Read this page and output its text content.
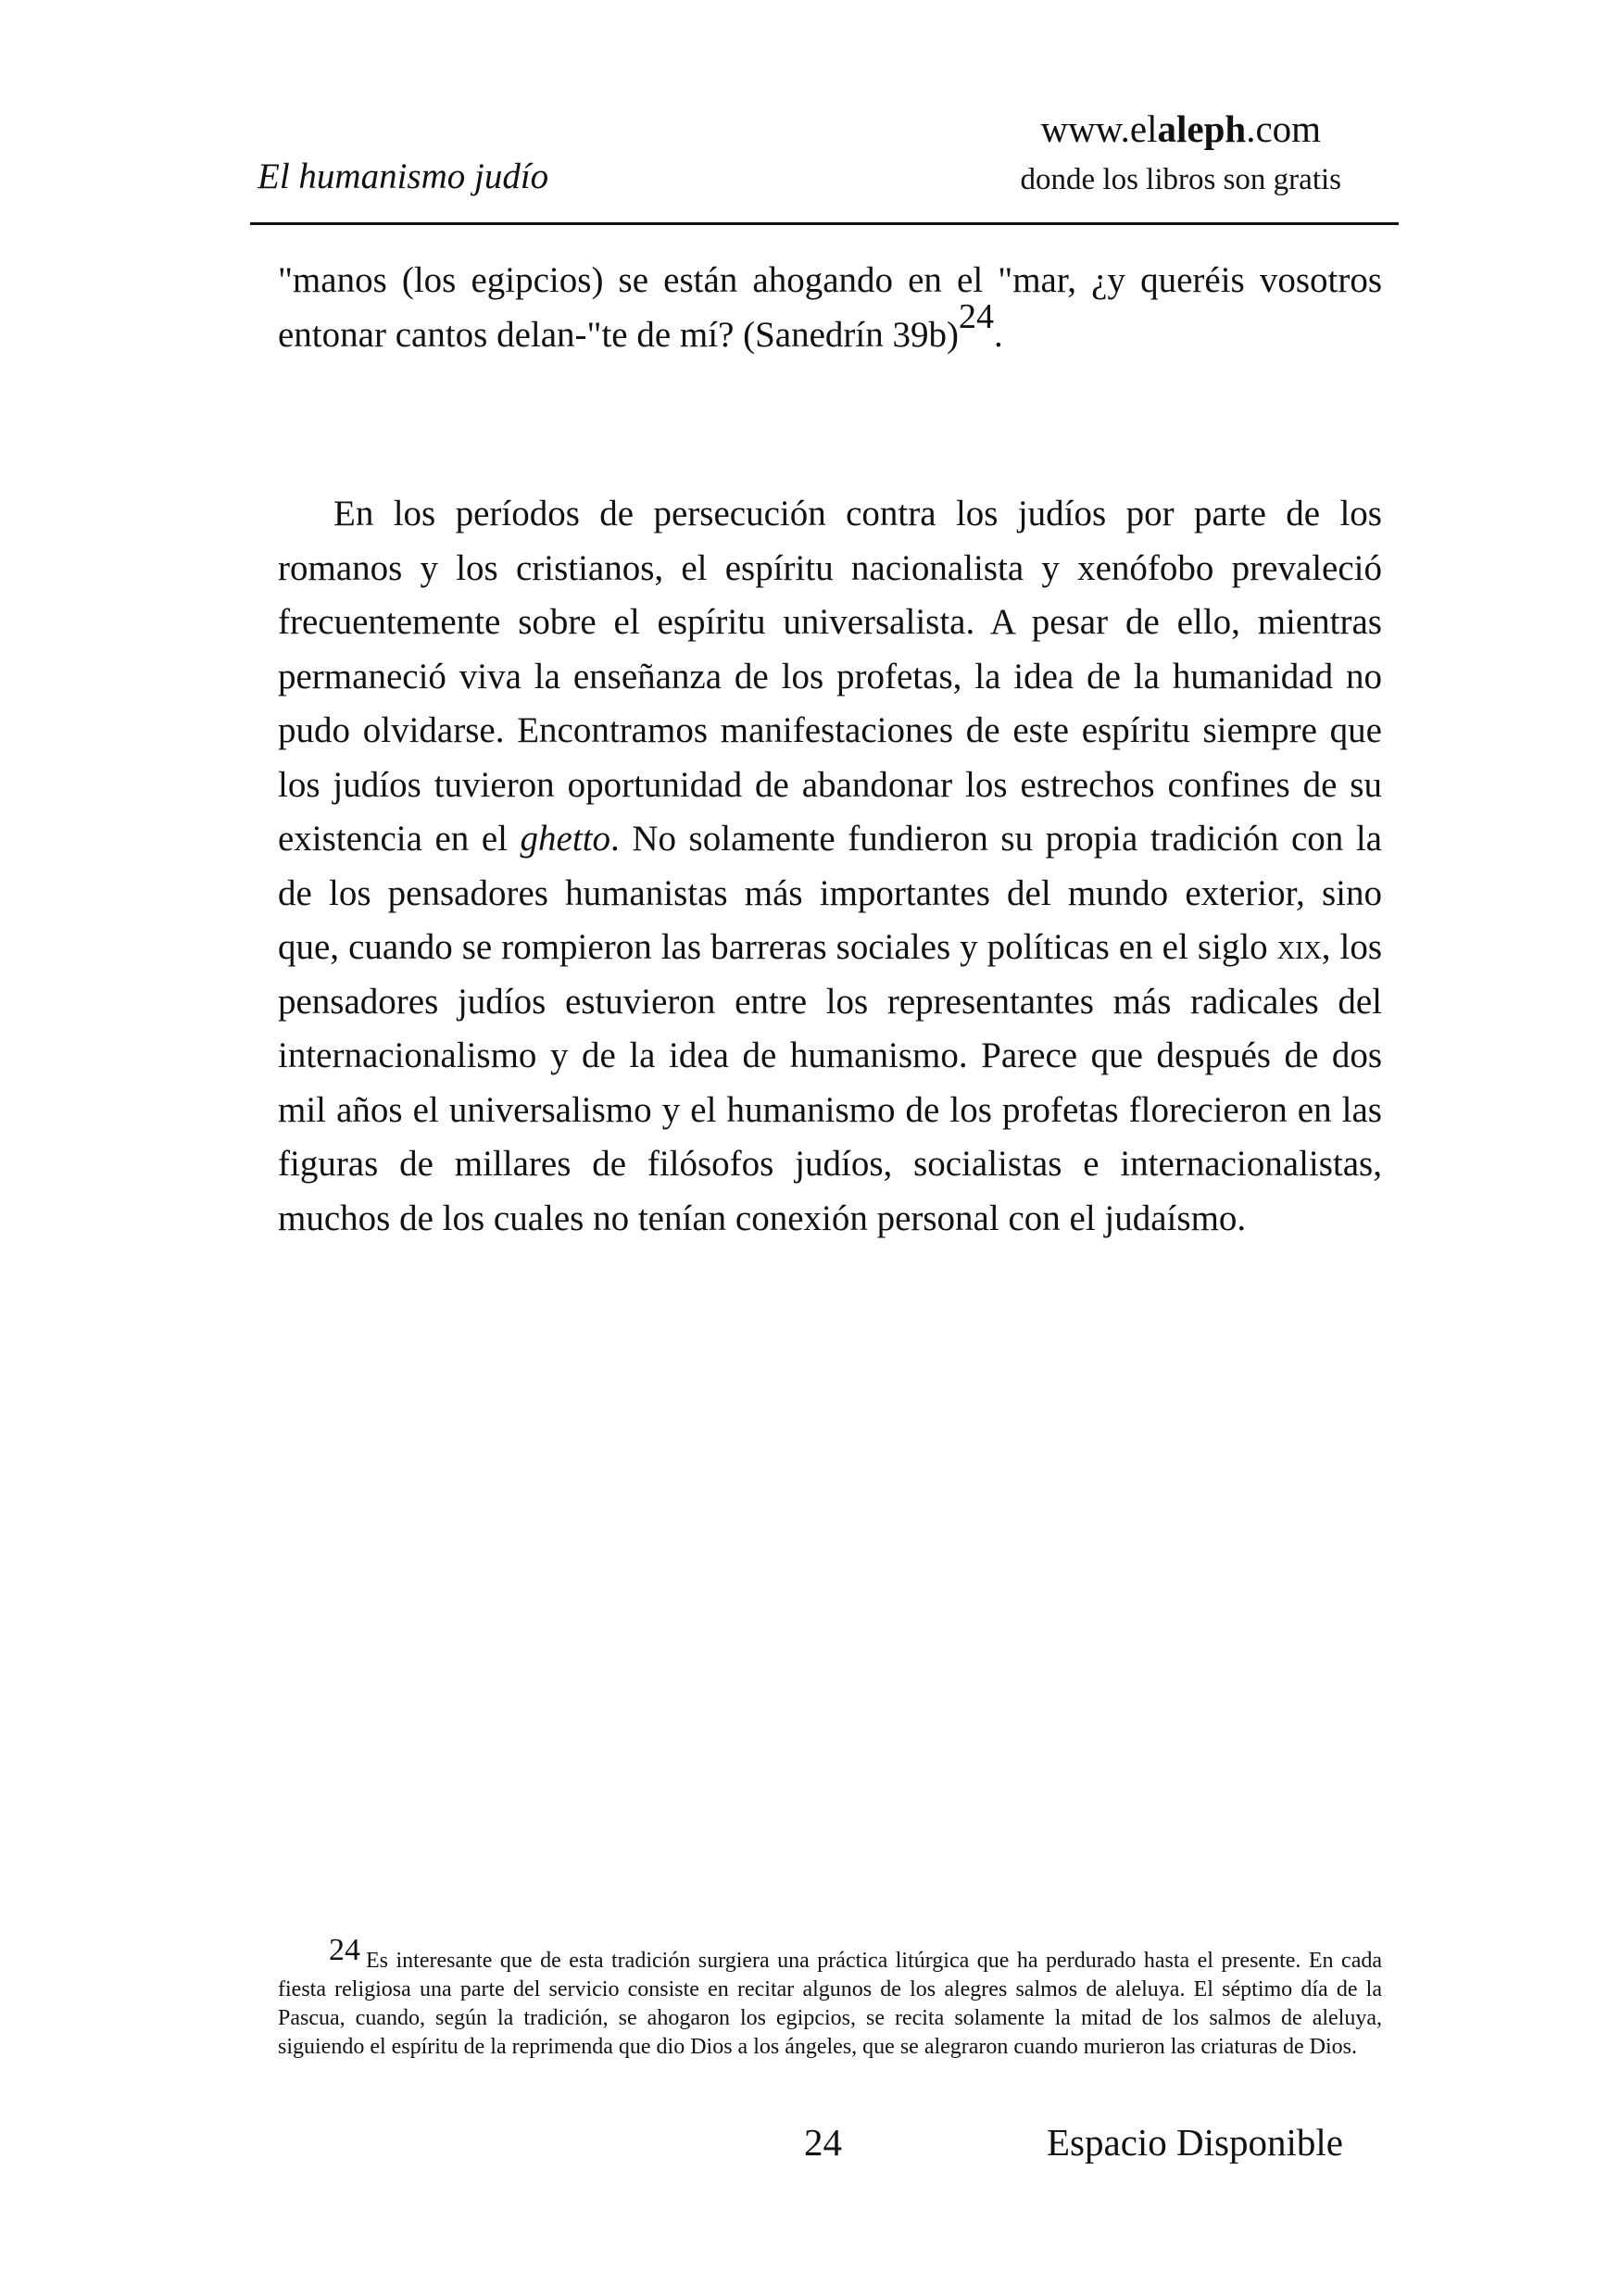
El humanismo judío
www.elaleph.com
donde los libros son gratis
"manos (los egipcios) se están ahogando en el "mar, ¿y queréis vosotros entonar cantos delan-"te de mí? (Sanedrín 39b)24.
En los períodos de persecución contra los judíos por parte de los romanos y los cristianos, el espíritu nacionalista y xenófobo prevaleció frecuentemente sobre el espíritu universalista. A pesar de ello, mientras permaneció viva la enseñanza de los profetas, la idea de la humanidad no pudo olvidarse. Encontramos manifestaciones de este espíritu siempre que los judíos tuvieron oportunidad de abandonar los estrechos confines de su existencia en el ghetto. No solamente fundieron su propia tradición con la de los pensadores humanistas más importantes del mundo exterior, sino que, cuando se rompieron las barreras sociales y políticas en el siglo xix, los pensadores judíos estuvieron entre los representantes más radicales del internacionalismo y de la idea de humanismo. Parece que después de dos mil años el universalismo y el humanismo de los profetas florecieron en las figuras de millares de filósofos judíos, socialistas e internacionalistas, muchos de los cuales no tenían conexión personal con el judaísmo.
24 Es interesante que de esta tradición surgiera una práctica litúrgica que ha perdurado hasta el presente. En cada fiesta religiosa una parte del servicio consiste en recitar algunos de los alegres salmos de aleluya. El séptimo día de la Pascua, cuando, según la tradición, se ahogaron los egipcios, se recita solamente la mitad de los salmos de aleluya, siguiendo el espíritu de la reprimenda que dio Dios a los ángeles, que se alegraron cuando murieron las criaturas de Dios.
24	Espacio Disponible
